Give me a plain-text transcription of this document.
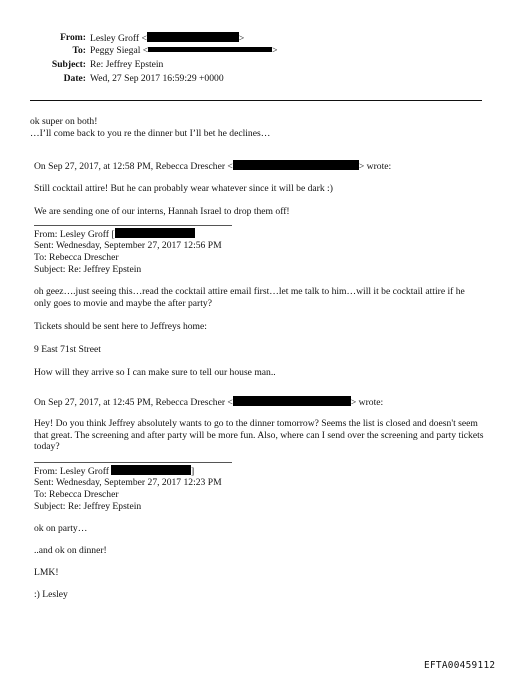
From: Lesley Groff <	>
To: Peggy Siegal <	>
Subject: Re: Jeffrey Epstein
Date: Wed, 27 Sep 2017 16:59:29 +0000
ok super on both!
…I’ll come back to you re the dinner but I’ll bet he declines…
On Sep 27, 2017, at 12:58 PM, Rebecca Drescher <	> wrote:
Still cocktail attire! But he can probably wear whatever since it will be dark :)
We are sending one of our interns, Hannah Israel to drop them off!
From: Lesley Groff [
Sent: Wednesday, September 27, 2017 12:56 PM
To: Rebecca Drescher
Subject: Re: Jeffrey Epstein
oh geez….just seeing this…read the cocktail attire email first…let me talk to him…will it be cocktail attire if he only goes to movie and maybe the after party?
Tickets should be sent here to Jeffreys home:
9 East 71st Street
How will they arrive so I can make sure to tell our house man..
On Sep 27, 2017, at 12:45 PM, Rebecca Drescher <	> wrote:
Hey! Do you think Jeffrey absolutely wants to go to the dinner tomorrow? Seems the list is closed and doesn't seem that great. The screening and after party will be more fun. Also, where can I send over the screening and party tickets today?
From: Lesley Groff	]
Sent: Wednesday, September 27, 2017 12:23 PM
To: Rebecca Drescher
Subject: Re: Jeffrey Epstein
ok on party…
..and ok on dinner!
LMK!
:) Lesley
EFTA00459112
